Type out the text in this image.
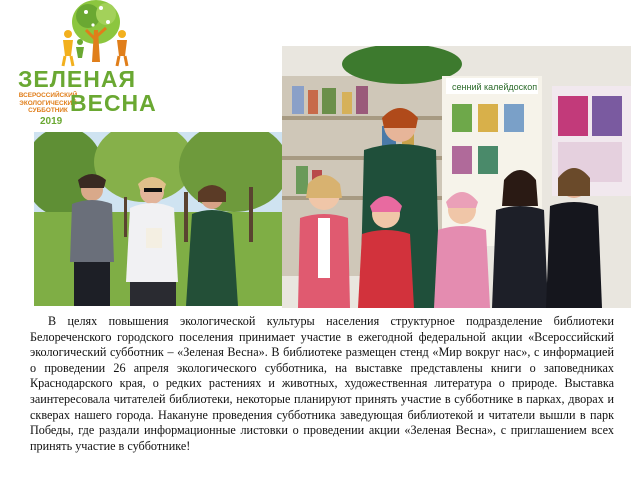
ЗЕЛЕНАЯ
ВСЕРОССИЙСКИЙ ЭКОЛОГИЧЕСКИЙ СУББОТНИК ВЕСНА
2019
сенний калейдоскоп

В целях повышения экологической культуры населения структурное подразделение библиотеки Белореченского городского поселения принимает участие в ежегодной федеральной акции «Всероссийский экологический субботник – «Зеленая Весна». В библиотеке размещен стенд «Мир вокруг нас», с информацией о проведении 26 апреля экологического субботника, на выставке представлены книги о заповедниках Краснодарского края, о редких растениях и животных, художественная литература о природе. Выставка заинтересовала читателей библиотеки, некоторые планируют принять участие в субботнике в парках, дворах и скверах нашего города. Накануне проведения субботника заведующая библиотекой и читатели вышли в парк Победы, где раздали информационные листовки о проведении акции «Зеленая Весна», с приглашением всех принять участие в субботнике!
